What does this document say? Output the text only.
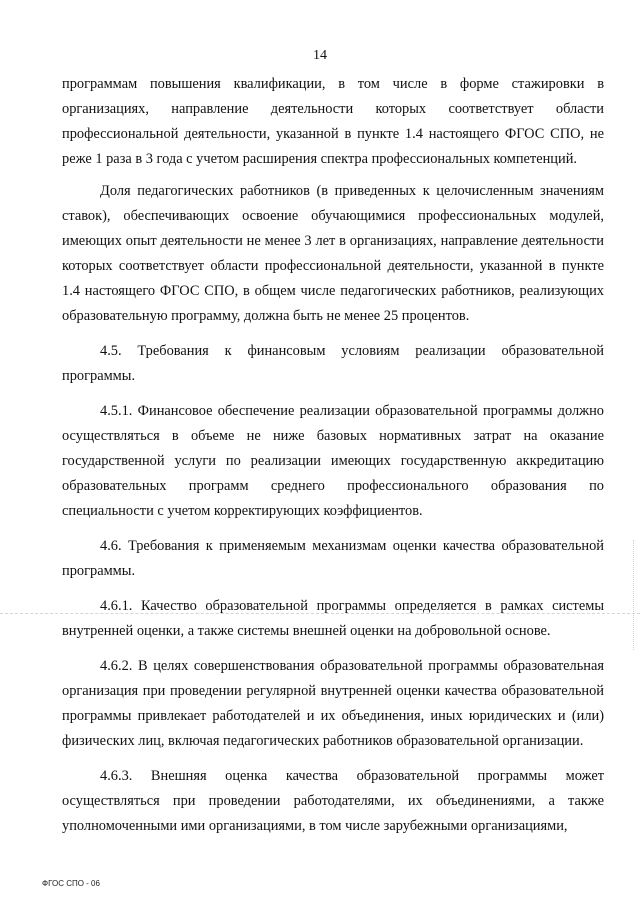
14

программам повышения квалификации, в том числе в форме стажировки в организациях, направление деятельности которых соответствует области профессиональной деятельности, указанной в пункте 1.4 настоящего ФГОС СПО, не реже 1 раза в 3 года с учетом расширения спектра профессиональных компетенций.

Доля педагогических работников (в приведенных к целочисленным значениям ставок), обеспечивающих освоение обучающимися профессиональных модулей, имеющих опыт деятельности не менее 3 лет в организациях, направление деятельности которых соответствует области профессиональной деятельности, указанной в пункте 1.4 настоящего ФГОС СПО, в общем числе педагогических работников, реализующих образовательную программу, должна быть не менее 25 процентов.

4.5. Требования к финансовым условиям реализации образовательной программы.

4.5.1. Финансовое обеспечение реализации образовательной программы должно осуществляться в объеме не ниже базовых нормативных затрат на оказание государственной услуги по реализации имеющих государственную аккредитацию образовательных программ среднего профессионального образования по специальности с учетом корректирующих коэффициентов.

4.6. Требования к применяемым механизмам оценки качества образовательной программы.

4.6.1. Качество образовательной программы определяется в рамках системы внутренней оценки, а также системы внешней оценки на добровольной основе.

4.6.2. В целях совершенствования образовательной программы образовательная организация при проведении регулярной внутренней оценки качества образовательной программы привлекает работодателей и их объединения, иных юридических и (или) физических лиц, включая педагогических работников образовательной организации.

4.6.3. Внешняя оценка качества образовательной программы может осуществляться при проведении работодателями, их объединениями, а также уполномоченными ими организациями, в том числе зарубежными организациями,

ФГОС СПО - 06
